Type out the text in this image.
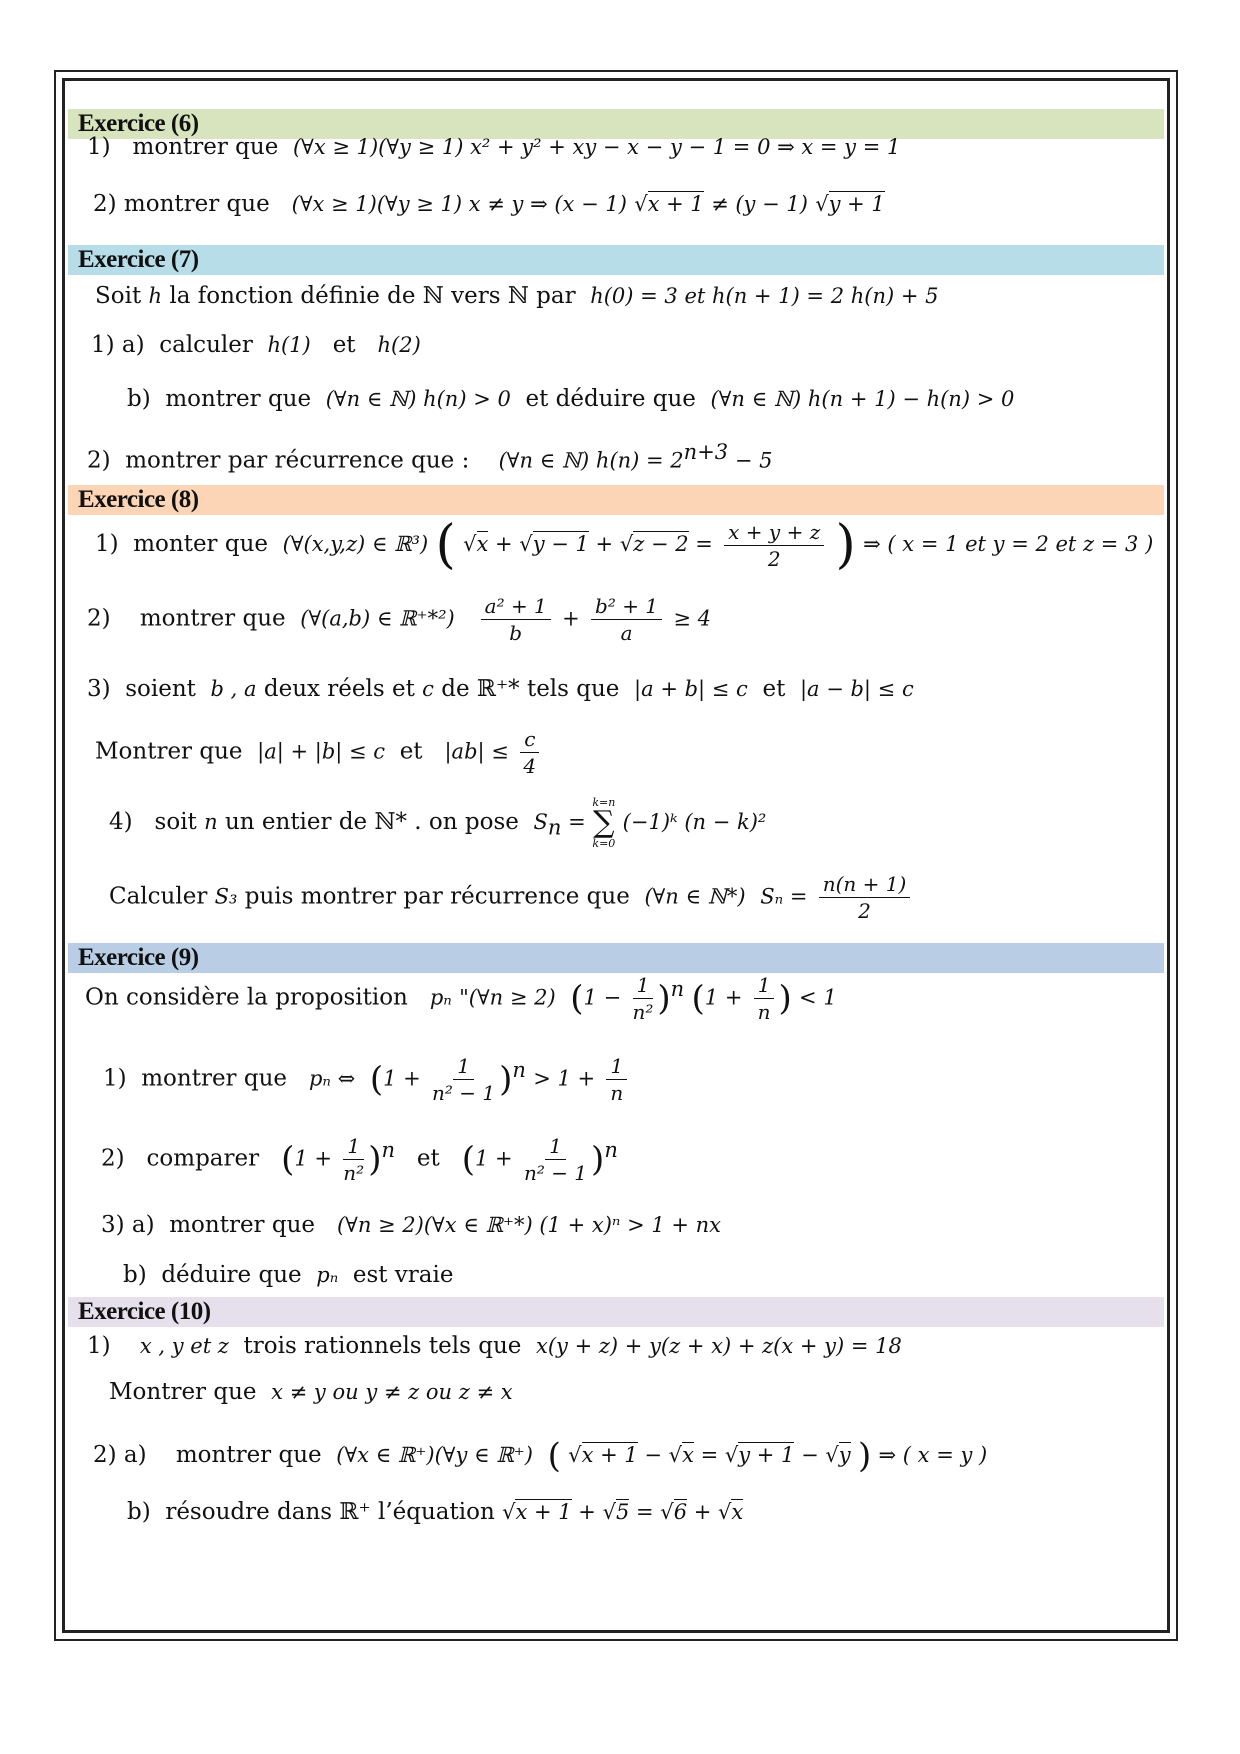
Exercice (6)
1) montrer que (∀x ≥ 1)(∀y ≥ 1) x² + y² + xy − x − y − 1 = 0 ⇒ x = y = 1
2) montrer que (∀x ≥ 1)(∀y ≥ 1) x ≠ y ⇒ (x − 1) √x + 1 ≠ (y − 1) √y + 1
Exercice (7)
Soit h la fonction définie de ℕ vers ℕ par h(0) = 3 et h(n + 1) = 2 h(n) + 5
1) a) calculer h(1) et h(2)
b) montrer que (∀n ∈ ℕ) h(n) > 0 et déduire que (∀n ∈ ℕ) h(n + 1) − h(n) > 0
2) montrer par récurrence que : (∀n ∈ ℕ) $h(n) = 2^{n+3} - 5$
Exercice (8)
1) monter que (∀(x,y,z) ∈ ℝ³) ( $√x + √y - 1 + √z - 2 = \frac{x + y + z}{2}$ ) ⇒ ( x = 1 et y = 2 et z = 3 )
2) montrer que (∀(a,b) ∈ ℝ⁺*²) $\frac{\text{a² + 1}}{b} + \frac{\text{b² + 1}}{a} \ge 4$
3) soient b , a deux réels et c de ℝ⁺* tels que |a + b| ≤ c et |a − b| ≤ c
Montrer que |a| + |b| ≤ c et $|ab| \le \frac{c}{4}$
4) soit n un entier de ℕ* . on pose $S_n$ =
k=n
∑
k=0
(−1)ᵏ (n − k)²
Calculer S₃ puis montrer par récurrence que (∀n ∈ ℕ*) $S_n = \frac{n(n + 1)}{2}$
Exercice (9)
On considère la proposition pₙ "(∀n ≥ 2) $(1 - \frac{1}{\text{n²}} )^n$ ($1 + \frac{1}{n}$ ) < 1
1) montrer que pₙ ⇔ $(1 + \frac{1}{\text{n² − 1}} )^n > 1 + \frac{1}{n}$
2) comparer $(1 + \frac{1}{\text{n²}} )^n$ et $(1 + \frac{1}{\text{n² − 1}} )^n$
3) a) montrer que (∀n ≥ 2)(∀x ∈ ℝ⁺*) (1 + x)ⁿ > 1 + nx
b) déduire que pₙ est vraie
Exercice (10)
1) x , y et z trois rationnels tels que x(y + z) + y(z + x) + z(x + y) = 18
Montrer que x ≠ y ou y ≠ z ou z ≠ x
2) a) montrer que (∀x ∈ ℝ⁺)(∀y ∈ ℝ⁺) ( √x + 1 − √x = √y + 1 − √y ) ⇒ ( x = y )
b) résoudre dans ℝ⁺ l’équation √x + 1 + √5 = √6 + √x
